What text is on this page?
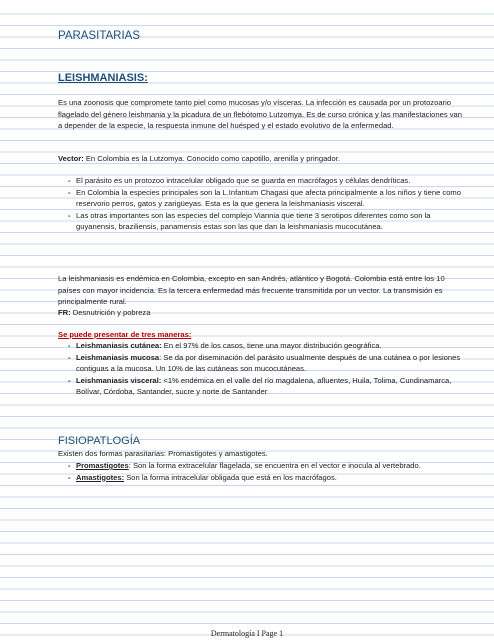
PARASITARIAS
LEISHMANIASIS:
Es una zoonosis que compromete tanto piel como mucosas y/o vísceras. La infección es causada por un protozoario flagelado del género leishmania y la picadura de un flebótomo Lutzomya. Es de curso crónica y las manifestaciones van a depender de la especie, la respuesta inmune del huésped y el estado evolutivo de la enfermedad.
Vector: En Colombia es la Lutzomya. Conocido como capotillo, arenilla y pringador.
- El parásito es un protozoo intracelular obligado que se guarda en macrófagos y células dendríticas.
- En Colombia la especies principales son la L.Infantum Chagasi que afecta principalmente a los niños y tiene como reservorio perros, gatos y zarigüeyas. Esta es la que genera la leishmaniasis visceral.
- Las otras importantes son las especies del complejo Viannia que tiene 3 serotipos diferentes como son la guyanensis, braziliensis, panamensis estas son las que dan la leishmaniasis mucocutánea.
La leishmaniasis es endémica en Colombia, excepto en san Andrés, atlántico y Bogotá. Colombia está entre los 10 países con mayor incidencia. Es la tercera enfermedad más frecuente transmitida por un vector. La transmisión es principalmente rural.
FR: Desnutrición y pobreza
Se puede presentar de tres maneras:
- Leishmaniasis cutánea: En el 97% de los casos, tiene una mayor distribución geográfica.
- Leishmaniasis mucosa: Se da por diseminación del parásito usualmente después de una cutánea o por lesiones contiguas a la mucosa. Un 10% de las cutáneas son mucocutáneas.
- Leishmaniasis visceral: <1% endémica en el valle del río magdalena, afluentes, Huila, Tolima, Cundinamarca, Bolívar, Córdoba, Santander, sucre y norte de Santander
FISIOPATLOGÍA
Existen dos formas parasitarias: Promastigotes y amastigotes.
- Promastigotes: Son la forma extracelular flagelada, se encuentra en el vector e inocula al vertebrado.
- Amastigotes: Son la forma intracelular obligada que está en los macrófagos.
Dermatología I Page 1
